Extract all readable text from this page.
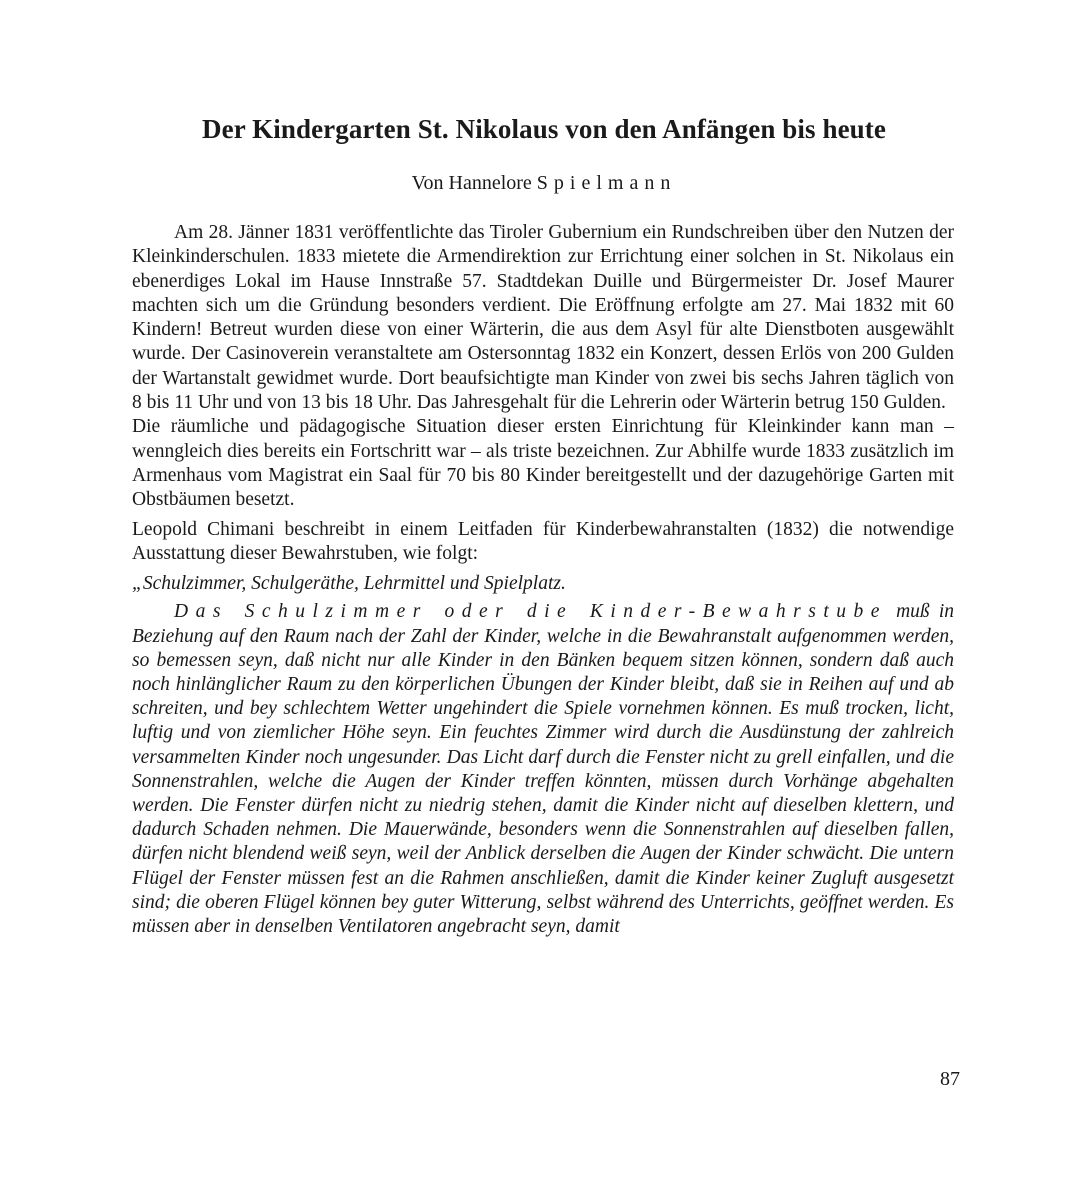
Der Kindergarten St. Nikolaus von den Anfängen bis heute
Von Hannelore Spielmann

Am 28. Jänner 1831 veröffentlichte das Tiroler Gubernium ein Rundschreiben über den Nutzen der Kleinkinderschulen. 1833 mietete die Armendirektion zur Errichtung einer solchen in St. Nikolaus ein ebenerdiges Lokal im Hause Innstraße 57. Stadtdekan Duille und Bürgermeister Dr. Josef Maurer machten sich um die Gründung besonders verdient. Die Eröffnung erfolgte am 27. Mai 1832 mit 60 Kindern! Betreut wurden diese von einer Wärterin, die aus dem Asyl für alte Dienstboten ausgewählt wurde. Der Casinoverein veranstaltete am Ostersonntag 1832 ein Konzert, dessen Erlös von 200 Gulden der Wartanstalt gewidmet wurde. Dort beaufsichtigte man Kinder von zwei bis sechs Jahren täglich von 8 bis 11 Uhr und von 13 bis 18 Uhr. Das Jahresgehalt für die Lehrerin oder Wärterin betrug 150 Gulden.

Die räumliche und pädagogische Situation dieser ersten Einrichtung für Kleinkinder kann man – wenngleich dies bereits ein Fortschritt war – als triste bezeichnen. Zur Abhilfe wurde 1833 zusätzlich im Armenhaus vom Magistrat ein Saal für 70 bis 80 Kinder bereitgestellt und der dazugehörige Garten mit Obstbäumen besetzt.

Leopold Chimani beschreibt in einem Leitfaden für Kinderbewahranstalten (1832) die notwendige Ausstattung dieser Bewahrstuben, wie folgt:

„Schulzimmer, Schulgeräthe, Lehrmittel und Spielplatz.

Das Schulzimmer oder die Kinder-Bewahrstube muß in Beziehung auf den Raum nach der Zahl der Kinder, welche in die Bewahranstalt aufgenommen werden, so bemessen seyn, daß nicht nur alle Kinder in den Bänken bequem sitzen können, sondern daß auch noch hinlänglicher Raum zu den körperlichen Übungen der Kinder bleibt, daß sie in Reihen auf und ab schreiten, und bey schlechtem Wetter ungehindert die Spiele vornehmen können. Es muß trocken, licht, luftig und von ziemlicher Höhe seyn. Ein feuchtes Zimmer wird durch die Ausdünstung der zahlreich versammelten Kinder noch ungesunder. Das Licht darf durch die Fenster nicht zu grell einfallen, und die Sonnenstrahlen, welche die Augen der Kinder treffen könnten, müssen durch Vorhänge abgehalten werden. Die Fenster dürfen nicht zu niedrig stehen, damit die Kinder nicht auf dieselben klettern, und dadurch Schaden nehmen. Die Mauerwände, besonders wenn die Sonnenstrahlen auf dieselben fallen, dürfen nicht blendend weiß seyn, weil der Anblick derselben die Augen der Kinder schwächt. Die untern Flügel der Fenster müssen fest an die Rahmen anschließen, damit die Kinder keiner Zugluft ausgesetzt sind; die oberen Flügel können bey guter Witterung, selbst während des Unterrichts, geöffnet werden. Es müssen aber in denselben Ventilatoren angebracht seyn, damit

87
